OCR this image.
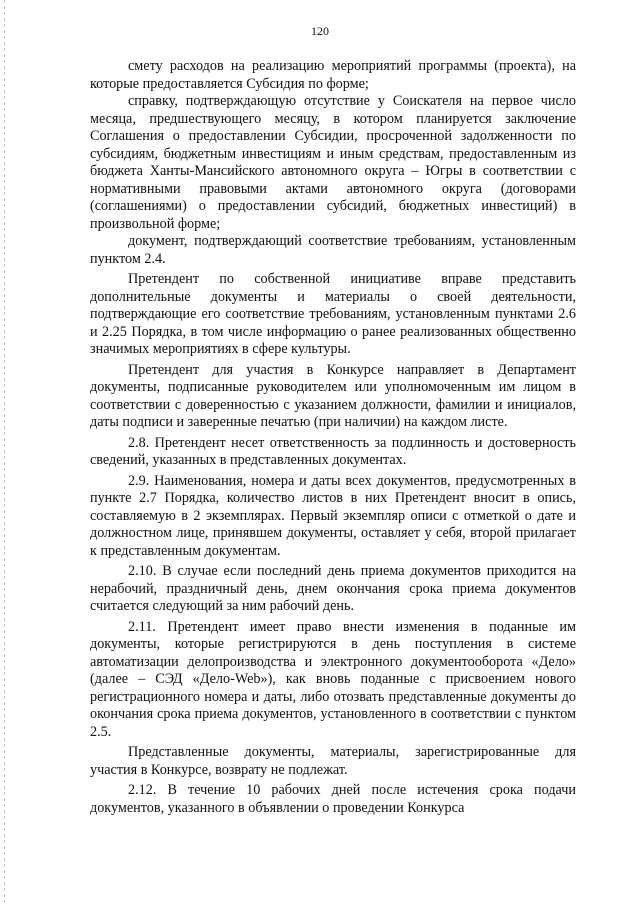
120

смету расходов на реализацию мероприятий программы (проекта), на которые предоставляется Субсидия по форме;

справку, подтверждающую отсутствие у Соискателя на первое число месяца, предшествующего месяцу, в котором планируется заключение Соглашения о предоставлении Субсидии, просроченной задолженности по субсидиям, бюджетным инвестициям и иным средствам, предоставленным из бюджета Ханты-Мансийского автономного округа – Югры в соответствии с нормативными правовыми актами автономного округа (договорами (соглашениями) о предоставлении субсидий, бюджетных инвестиций) в произвольной форме;

документ, подтверждающий соответствие требованиям, установленным пунктом 2.4.

Претендент по собственной инициативе вправе представить дополнительные документы и материалы о своей деятельности, подтверждающие его соответствие требованиям, установленным пунктами 2.6 и 2.25 Порядка, в том числе информацию о ранее реализованных общественно значимых мероприятиях в сфере культуры.

Претендент для участия в Конкурсе направляет в Департамент документы, подписанные руководителем или уполномоченным им лицом в соответствии с доверенностью с указанием должности, фамилии и инициалов, даты подписи и заверенные печатью (при наличии) на каждом листе.

2.8. Претендент несет ответственность за подлинность и достоверность сведений, указанных в представленных документах.

2.9. Наименования, номера и даты всех документов, предусмотренных в пункте 2.7 Порядка, количество листов в них Претендент вносит в опись, составляемую в 2 экземплярах. Первый экземпляр описи с отметкой о дате и должностном лице, принявшем документы, оставляет у себя, второй прилагает к представленным документам.

2.10. В случае если последний день приема документов приходится на нерабочий, праздничный день, днем окончания срока приема документов считается следующий за ним рабочий день.

2.11. Претендент имеет право внести изменения в поданные им документы, которые регистрируются в день поступления в системе автоматизации делопроизводства и электронного документооборота «Дело» (далее – СЭД «Дело-Web»), как вновь поданные с присвоением нового регистрационного номера и даты, либо отозвать представленные документы до окончания срока приема документов, установленного в соответствии с пунктом 2.5.

Представленные документы, материалы, зарегистрированные для участия в Конкурсе, возврату не подлежат.

2.12. В течение 10 рабочих дней после истечения срока подачи документов, указанного в объявлении о проведении Конкурса
